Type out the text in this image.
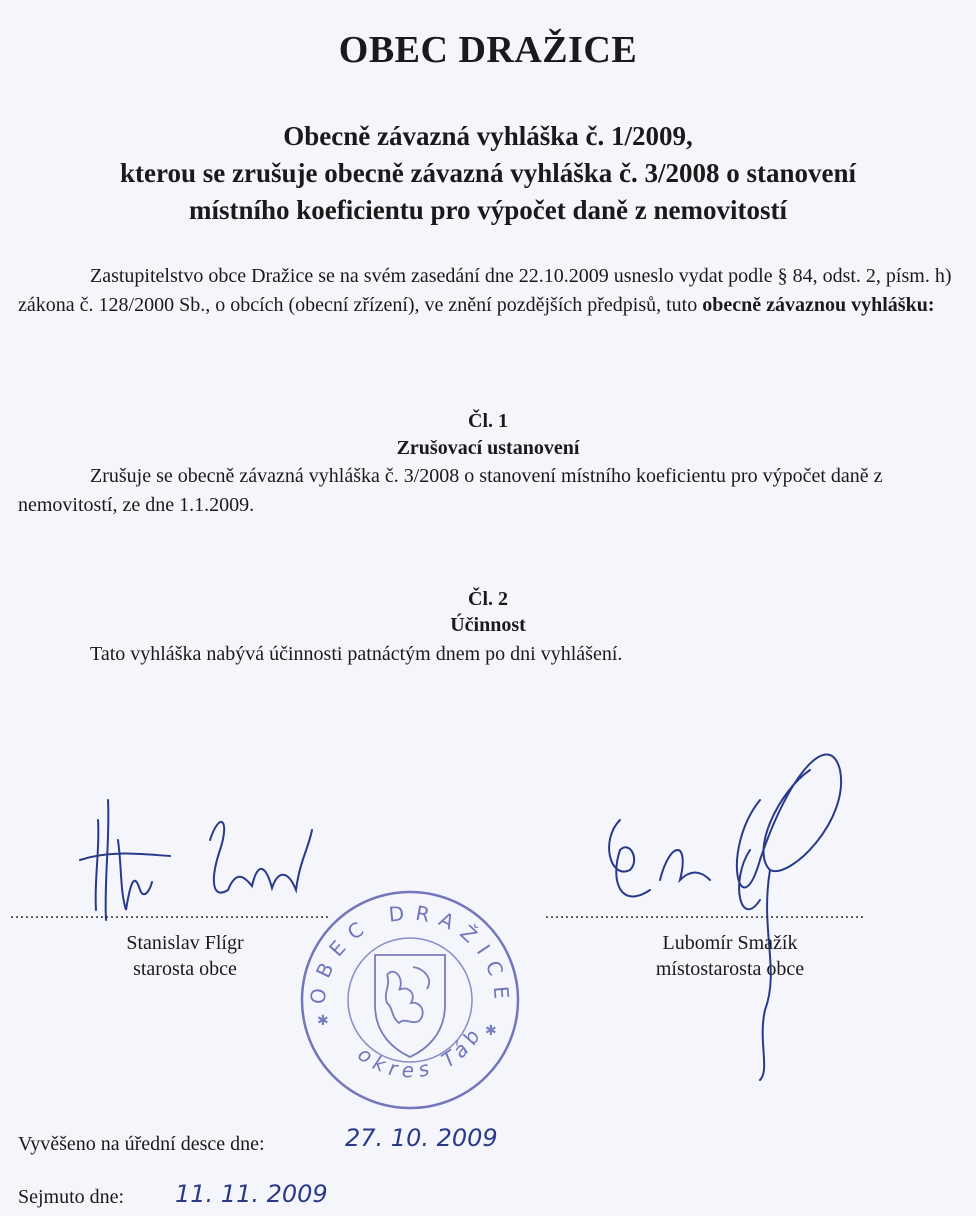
OBEC DRAŽICE
Obecně závazná vyhláška č. 1/2009,
kterou se zrušuje obecně závazná vyhláška č. 3/2008 o stanovení
místního koeficientu pro výpočet daně z nemovitostí
Zastupitelstvo obce Dražice se na svém zasedání dne 22.10.2009 usneslo vydat podle § 84, odst. 2, písm. h) zákona č. 128/2000 Sb., o obcích (obecní zřízení), ve znění pozdějších předpisů, tuto obecně závaznou vyhlášku:
Čl. 1
Zrušovací ustanovení
Zrušuje se obecně závazná vyhláška č. 3/2008 o stanovení místního koeficientu pro výpočet daně z nemovitostí, ze dne 1.1.2009.
Čl. 2
Účinnost
Tato vyhláška nabývá účinnosti patnáctým dnem po dni vyhlášení.
................................................................	................................................................
Stanislav Flígr
starosta obce
Lubomír Smažík
místostarosta obce
OBEC DRAŽICE
okres Tábor
✱
✱
Vyvěšeno na úřední desce dne:	27. 10. 2009
Sejmuto dne: 11. 11. 2009
